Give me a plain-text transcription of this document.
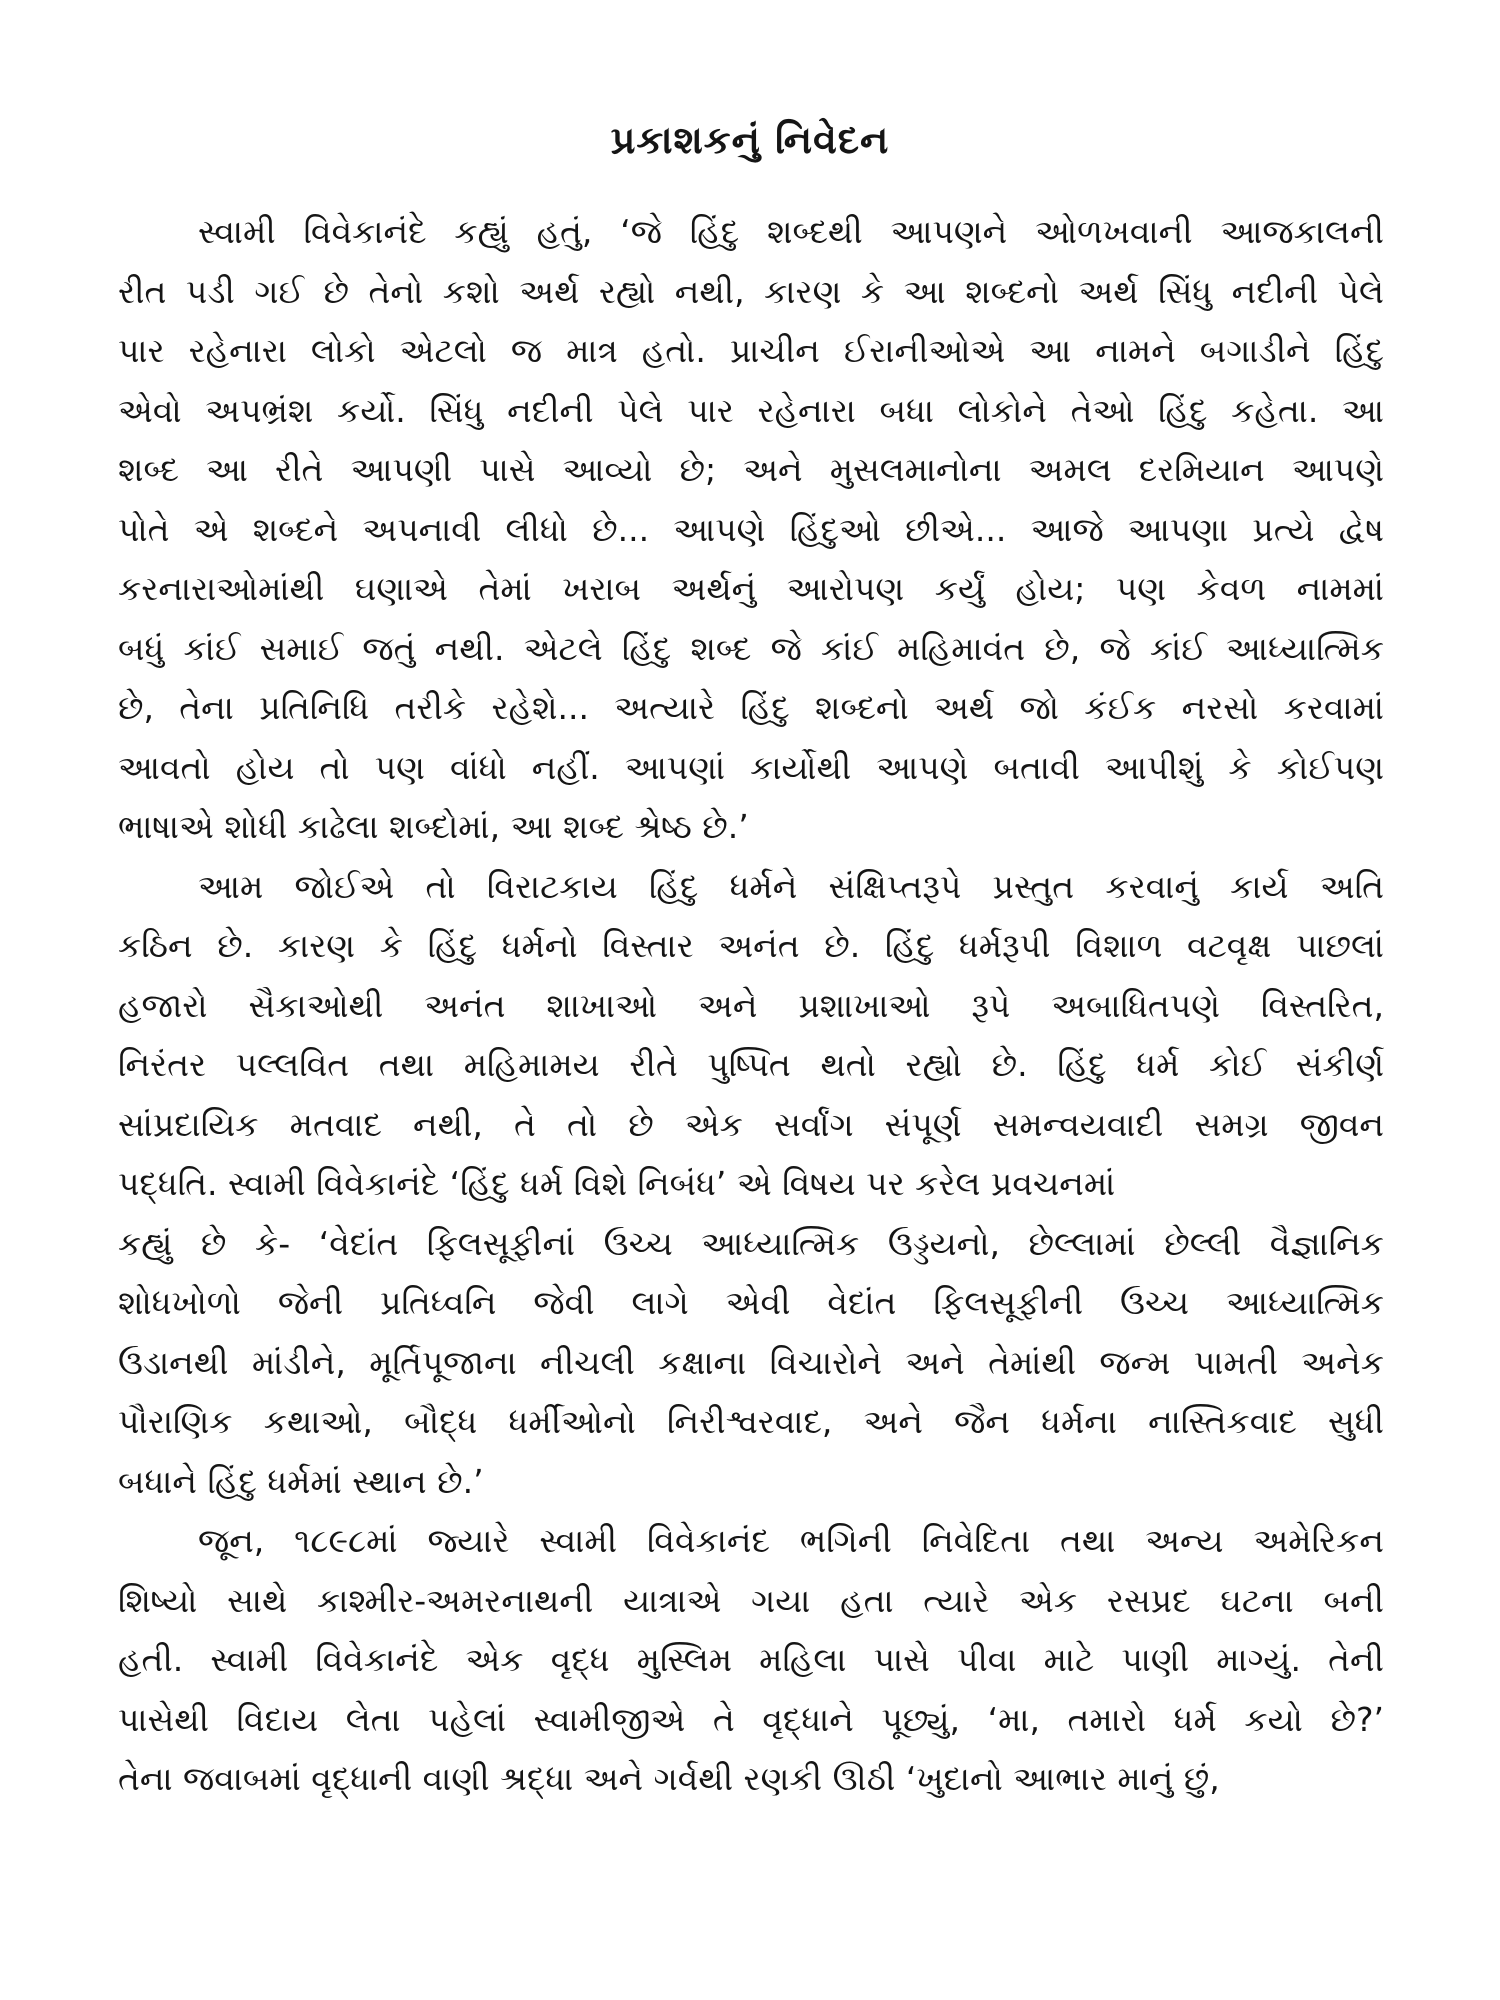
પ્રકાશકનું નિવેદન

સ્વામી વિવેકાનંદે કહ્યું હતું, ‘જે હિંદુ શબ્દથી આપણને ઓળખવાની આજકાલની
રીત પડી ગઈ છે તેનો કશો અર્થ રહ્યો નથી, કારણ કે આ શબ્દનો અર્થ સિંધુ નદીની પેલે
પાર રહેનારા લોકો એટલો જ માત્ર હતો. પ્રાચીન ઈરાનીઓએ આ નામને બગાડીને હિંદુ
એવો અપભ્રંશ કર્યો. સિંધુ નદીની પેલે પાર રહેનારા બધા લોકોને તેઓ હિંદુ કહેતા. આ
શબ્દ આ રીતે આપણી પાસે આવ્યો છે; અને મુસલમાનોના અમલ દરમિયાન આપણે
પોતે એ શબ્દને અપનાવી લીધો છે... આપણે હિંદુઓ છીએ... આજે આપણા પ્રત્યે દ્વેષ
કરનારાઓમાંથી ઘણાએ તેમાં ખરાબ અર્થનું આરોપણ કર્યું હોય; પણ કેવળ નામમાં
બધું કાંઈ સમાઈ જતું નથી. એટલે હિંદુ શબ્દ જે કાંઈ મહિમાવંત છે, જે કાંઈ આધ્યાત્મિક
છે, તેના પ્રતિનિધિ તરીકે રહેશે... અત્યારે હિંદુ શબ્દનો અર્થ જો કંઈક નરસો કરવામાં
આવતો હોય તો પણ વાંધો નહીં. આપણાં કાર્યોથી આપણે બતાવી આપીશું કે કોઈપણ
ભાષાએ શોધી કાઢેલા શબ્દોમાં, આ શબ્દ શ્રેષ્ઠ છે.’

આમ જોઈએ તો વિરાટકાય હિંદુ ધર્મને સંક્ષિપ્તરૂપે પ્રસ્તુત કરવાનું કાર્ય અતિ
કઠિન છે. કારણ કે હિંદુ ધર્મનો વિસ્તાર અનંત છે. હિંદુ ધર્મરૂપી વિશાળ વટવૃક્ષ પાછલાં
હજારો સૈકાઓથી અનંત શાખાઓ અને પ્રશાખાઓ રૂપે અબાધિતપણે વિસ્તરિત,
નિરંતર પલ્લવિત તથા મહિમામય રીતે પુષ્પિત થતો રહ્યો છે. હિંદુ ધર્મ કોઈ સંકીર્ણ
સાંપ્રદાયિક મતવાદ નથી, તે તો છે એક સર્વાંગ સંપૂર્ણ સમન્વયવાદી સમગ્ર જીવન
પદ્ધતિ. સ્વામી વિવેકાનંદે ‘હિંદુ ધર્મ વિશે નિબંધ’ એ વિષય પર કરેલ પ્રવચનમાં
કહ્યું છે કે- ‘વેદાંત ફિલસૂફીનાં ઉચ્ચ આધ્યાત્મિક ઉડ્ડયનો, છેલ્લામાં છેલ્લી વૈજ્ઞાનિક
શોધખોળો જેની પ્રતિધ્વનિ જેવી લાગે એવી વેદાંત ફિલસૂફીની ઉચ્ચ આધ્યાત્મિક
ઉડાનથી માંડીને, મૂર્તિપૂજાના નીચલી કક્ષાના વિચારોને અને તેમાંથી જન્મ પામતી અનેક
પૌરાણિક કથાઓ, બૌદ્ધ ધર્મીઓનો નિરીશ્વરવાદ, અને જૈન ધર્મના નાસ્તિકવાદ સુધી
બધાને હિંદુ ધર્મમાં સ્થાન છે.’

જૂન, ૧૮૯૮માં જ્યારે સ્વામી વિવેકાનંદ ભગિની નિવેદિતા તથા અન્ય અમેરિકન
શિષ્યો સાથે કાશ્મીર-અમરનાથની યાત્રાએ ગયા હતા ત્યારે એક રસપ્રદ ઘટના બની
હતી. સ્વામી વિવેકાનંદે એક વૃદ્ધ મુસ્લિમ મહિલા પાસે પીવા માટે પાણી માગ્યું. તેની
પાસેથી વિદાય લેતા પહેલાં સ્વામીજીએ તે વૃદ્ધાને પૂછ્યું, ‘મા, તમારો ધર્મ કયો છે?’
તેના જવાબમાં વૃદ્ધાની વાણી શ્રદ્ધા અને ગર્વથી રણકી ઊઠી ‘ખુદાનો આભાર માનું છું,
